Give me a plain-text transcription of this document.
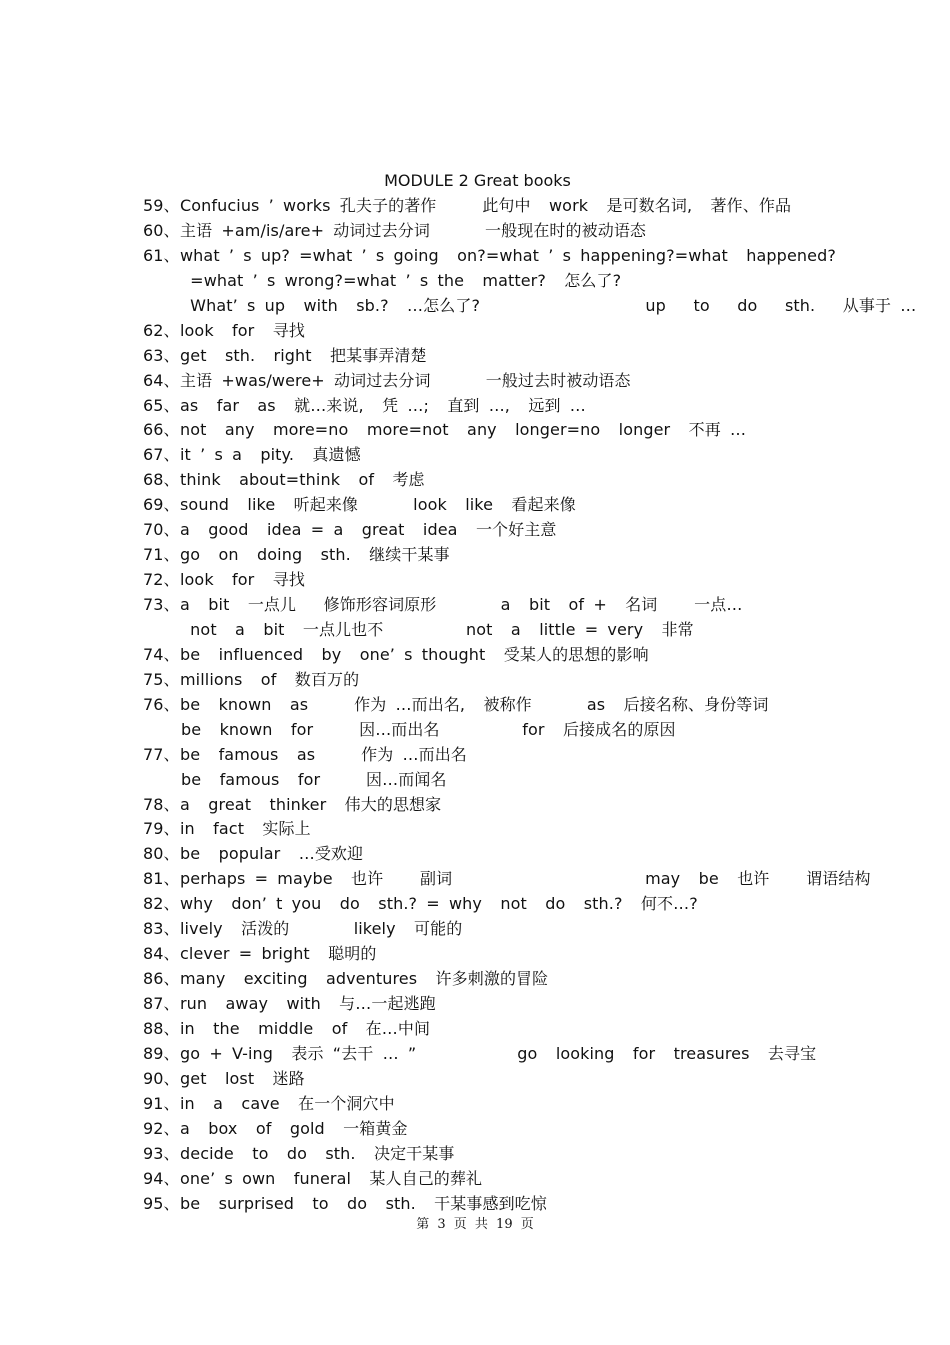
MODULE 2 Great books
59、Confucius ’ works 孔夫子的著作     此句中  work  是可数名词,  著作、作品
60、主语 +am/is/are+ 动词过去分词      一般现在时的被动语态
61、what ’ s up? =what ’ s going  on?=what ’ s happening?=what  happened?
=what ’ s wrong?=what ’ s the  matter?  怎么了?
What’ s up  with  sb.?  …怎么了?                  up   to   do   sth.   从事于 …
62、look  for  寻找
63、get  sth.  right  把某事弄清楚
64、主语 +was/were+ 动词过去分词      一般过去时被动语态
65、as  far  as  就…来说,  凭 …;  直到 …,  远到 …
66、not  any  more=no  more=not  any  longer=no  longer  不再 …
67、it ’ s a  pity.  真遗憾
68、think  about=think  of  考虑
69、sound  like  听起来像      look  like  看起来像
70、a  good  idea = a  great  idea  一个好主意
71、go  on  doing  sth.  继续干某事
72、look  for  寻找
73、a  bit  一点儿   修饰形容词原形       a  bit  of +  名词    一点…
not  a  bit  一点儿也不         not  a  little = very  非常
74、be  influenced  by  one’ s thought  受某人的思想的影响
75、millions  of  数百万的
76、be  known  as     作为 …而出名,  被称作      as  后接名称、身份等词
be  known  for     因…而出名         for  后接成名的原因
77、be  famous  as     作为 …而出名
be  famous  for     因…而闻名
78、a  great  thinker  伟大的思想家
79、in  fact  实际上
80、be  popular  …受欢迎
81、perhaps = maybe  也许    副词                     may  be  也许    谓语结构
82、why  don’ t you  do  sth.? = why  not  do  sth.?  何不…?
83、lively  活泼的       likely  可能的
84、clever = bright  聪明的
86、many  exciting  adventures  许多刺激的冒险
87、run  away  with  与…一起逃跑
88、in  the  middle  of  在…中间
89、go + V-ing  表示 “去干 … ”           go  looking  for  treasures  去寻宝
90、get  lost  迷路
91、in  a  cave  在一个洞穴中
92、a  box  of  gold  一箱黄金
93、decide  to  do  sth.  决定干某事
94、one’ s own  funeral  某人自己的葬礼
95、be  surprised  to  do  sth.  干某事感到吃惊
第 3 页 共 19 页
